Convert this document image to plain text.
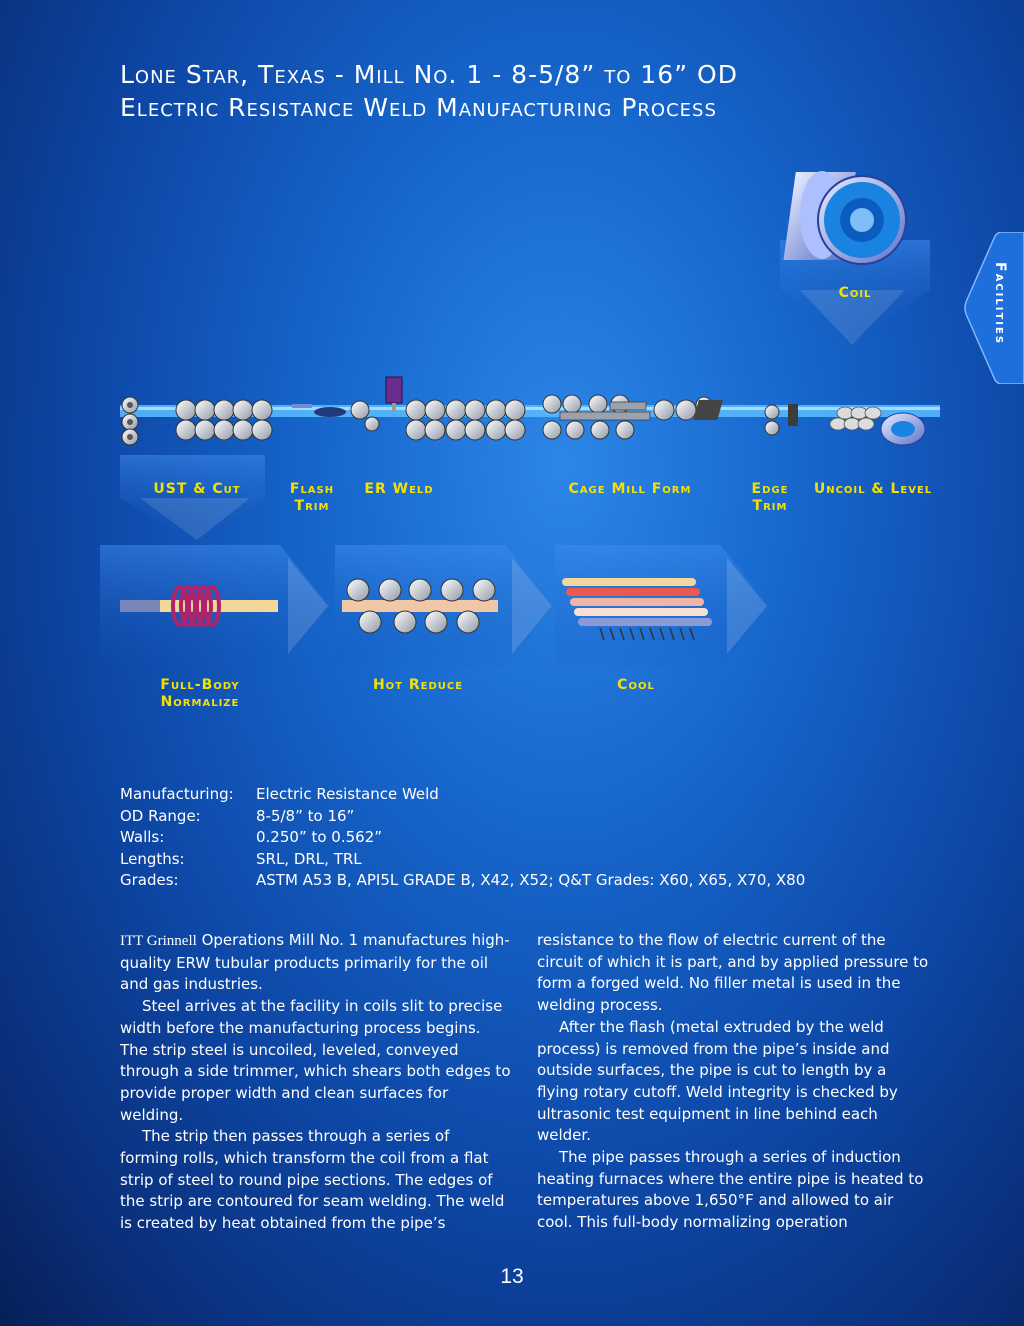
Lone Star, Texas - Mill No. 1 - 8-5/8” to 16” OD
Electric Resistance Weld Manufacturing Process
Facilities
Coil
UST & Cut	Flash
Trim
ER Weld	Cage Mill Form	Edge
Trim
Uncoil & Level
Full-Body
Normalize
Hot Reduce	Cool
Manufacturing:	Electric Resistance Weld
OD Range:	8-5/8” to 16”
Walls:	0.250” to 0.562”
Lengths:	SRL, DRL, TRL
Grades:	ASTM A53 B, API5L GRADE B, X42, X52; Q&T Grades: X60, X65, X70, X80

ITT Grinnell Operations Mill No. 1 manufactures high-quality ERW tubular products primarily for the oil and gas industries.

Steel arrives at the facility in coils slit to precise width before the manufacturing process begins. The strip steel is uncoiled, leveled, conveyed through a side trimmer, which shears both edges to provide proper width and clean surfaces for welding.

The strip then passes through a series of forming rolls, which transform the coil from a flat strip of steel to round pipe sections. The edges of the strip are contoured for seam welding. The weld is created by heat obtained from the pipe’s

resistance to the flow of electric current of the circuit of which it is part, and by applied pressure to form a forged weld. No filler metal is used in the welding process.

After the flash (metal extruded by the weld process) is removed from the pipe’s inside and outside surfaces, the pipe is cut to length by a flying rotary cutoff. Weld integrity is checked by ultrasonic test equipment in line behind each welder.

The pipe passes through a series of induction heating furnaces where the entire pipe is heated to temperatures above 1,650°F and allowed to air cool. This full-body normalizing operation

13
